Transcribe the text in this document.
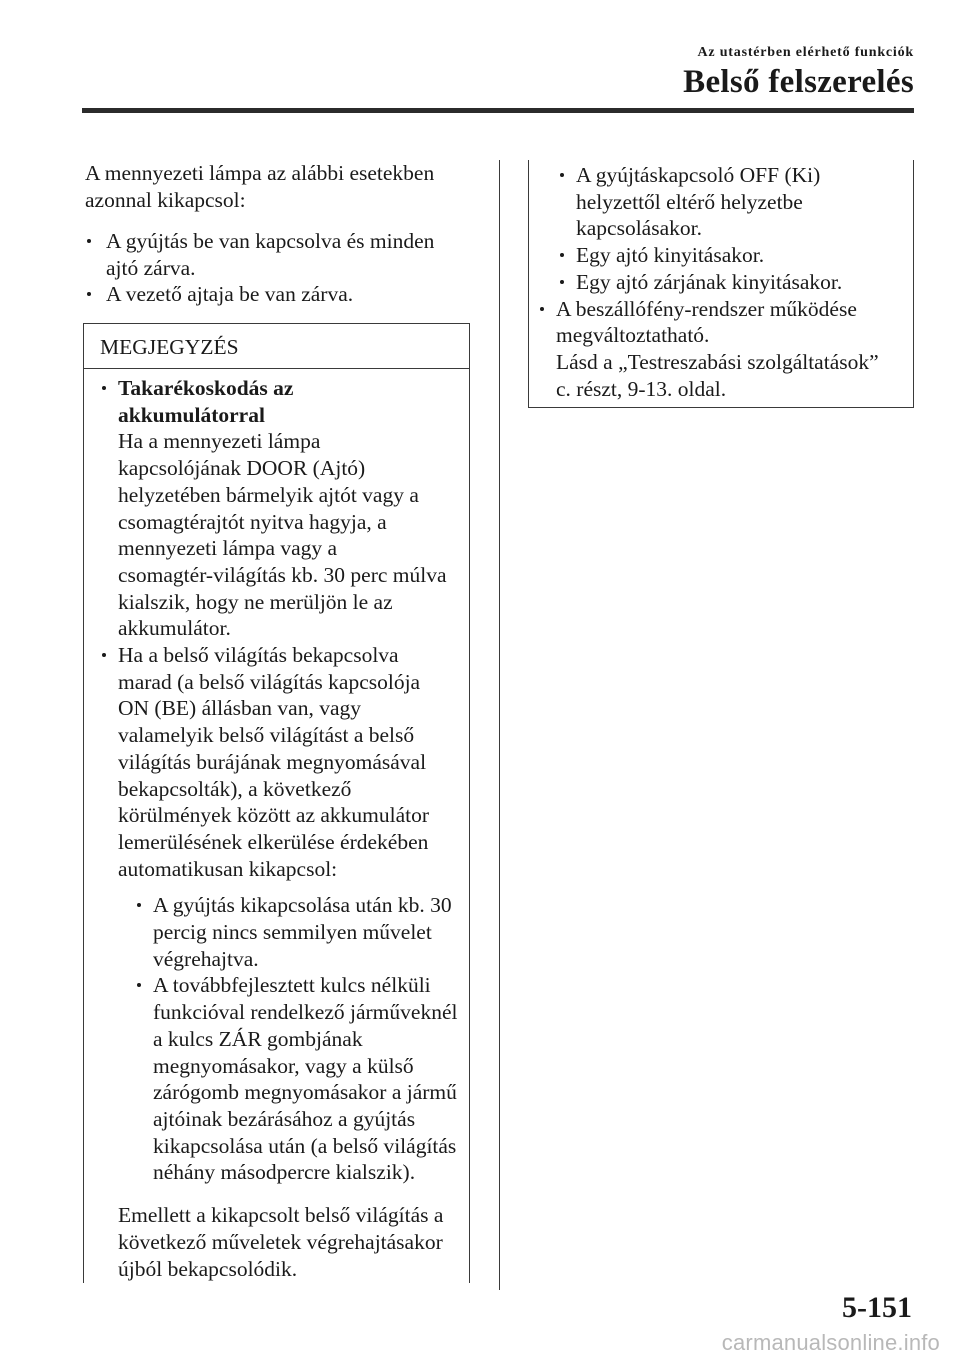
Az utastérben elérhető funkciók
Belső felszerelés
A mennyezeti lámpa az alábbi esetekben
azonnal kikapcsol:
A gyújtás be van kapcsolva és minden
ajtó zárva.
A vezető ajtaja be van zárva.
MEGJEGYZÉS
Takarékoskodás az
akkumulátorral
Ha a mennyezeti lámpa
kapcsolójának DOOR (Ajtó)
helyzetében bármelyik ajtót vagy a
csomagtérajtót nyitva hagyja, a
mennyezeti lámpa vagy a
csomagtér-világítás kb. 30 perc múlva
kialszik, hogy ne merüljön le az
akkumulátor.
Ha a belső világítás bekapcsolva
marad (a belső világítás kapcsolója
ON (BE) állásban van, vagy
valamelyik belső világítást a belső
világítás burájának megnyomásával
bekapcsolták), a következő
körülmények között az akkumulátor
lemerülésének elkerülése érdekében
automatikusan kikapcsol:
A gyújtás kikapcsolása után kb. 30
percig nincs semmilyen művelet
végrehajtva.
A továbbfejlesztett kulcs nélküli
funkcióval rendelkező járműveknél
a kulcs ZÁR gombjának
megnyomásakor, vagy a külső
zárógomb megnyomásakor a jármű
ajtóinak bezárásához a gyújtás
kikapcsolása után (a belső világítás
néhány másodpercre kialszik).
Emellett a kikapcsolt belső világítás a
következő műveletek végrehajtásakor
újból bekapcsolódik.
A gyújtáskapcsoló OFF (Ki)
helyzettől eltérő helyzetbe
kapcsolásakor.
Egy ajtó kinyitásakor.
Egy ajtó zárjának kinyitásakor.
A beszállófény-rendszer működése
megváltoztatható.
Lásd a „Testreszabási szolgáltatások”
c. részt, 9-13. oldal.
5-151
carmanualsonline.info
